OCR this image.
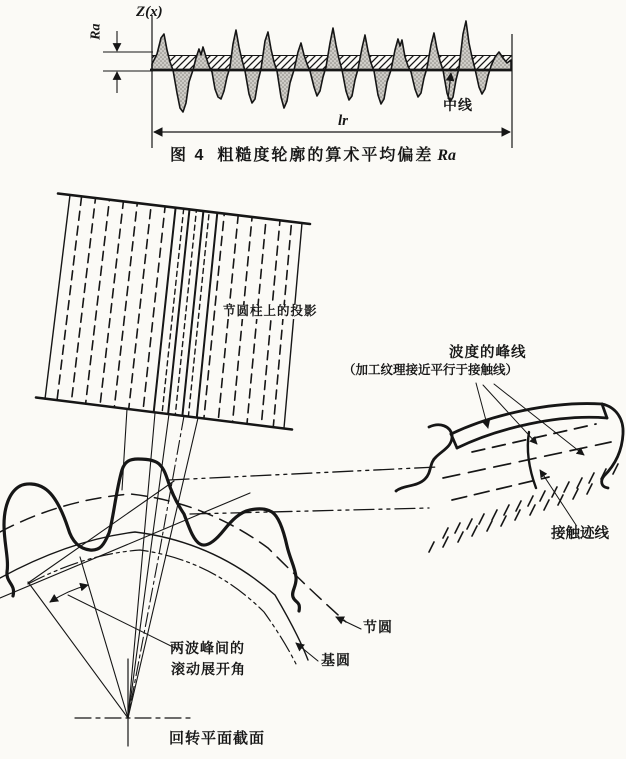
Z(x)
Ra
中线
lr
图 4 粗糙度轮廓的算术平均偏差 Ra
节圆柱上的投影
波度的峰线
（加工纹理接近平行于接触线）
接触迹线
节圆
基圆
两波峰间的
滚动展开角
回转平面截面
